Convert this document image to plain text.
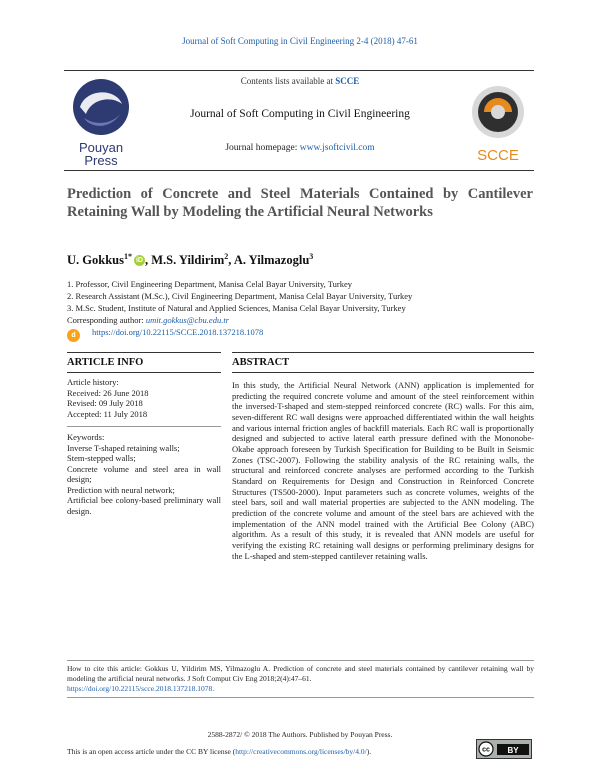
Journal of Soft Computing in Civil Engineering 2-4 (2018) 47-61
Pouyan
Press
Contents lists available at SCCE
Journal of Soft Computing in Civil Engineering
Journal homepage: www.jsoftcivil.com	SCCE
Prediction of Concrete and Steel Materials Contained by Cantilever Retaining Wall by Modeling the Artificial Neural Networks
U. Gokkus$^{1*}$ iD , M.S. Yildirim$^2$, A. Yilmazoglu$^3$
1. Professor, Civil Engineering Department, Manisa Celal Bayar University, Turkey
2. Research Assistant (M.Sc.), Civil Engineering Department, Manisa Celal Bayar University, Turkey
3. M.Sc. Student, Institute of Natural and Applied Sciences, Manisa Celal Bayar University, Turkey
Corresponding author: umit.gokkus@cbu.edu.tr
d https://doi.org/10.22115/SCCE.2018.137218.1078
ARTICLE INFO	ABSTRACT
Article history:
Received: 26 June 2018
Revised: 09 July 2018
Accepted: 11 July 2018
Keywords:
Inverse T-shaped retaining walls;
Stem-stepped walls;
Concrete volume and steel area in wall design;
Prediction with neural network;
Artificial bee colony-based preliminary wall design.
In this study, the Artificial Neural Network (ANN) application is implemented for predicting the required concrete volume and amount of the steel reinforcement within the inversed-T-shaped and stem-stepped reinforced concrete (RC) walls. For this aim, seven-different RC wall designs were approached differentiated within the wall heights and various internal friction angles of backfill materials. Each RC wall is proportionally designed and subjected to active lateral earth pressure defined with the Mononobe-Okabe approach foreseen by Turkish Specification for Building to be Built in Seismic Zones (TSC-2007). Following the stability analysis of the RC retaining walls, the structural and reinforced concrete analyses are performed according to the Turkish Standard on Requirements for Design and Construction in Reinforced Concrete Structures (TS500-2000). Input parameters such as concrete volumes, weights of the steel bars, soil and wall material properties are subjected to the ANN modeling. The prediction of the concrete volume and amount of the steel bars are achieved with the implementation of the ANN model trained with the Artificial Bee Colony (ABC) algorithm. As a result of this study, it is revealed that ANN models are useful for verifying the existing RC retaining wall designs or performing preliminary designs for the L-shaped and stem-stepped cantilever retaining walls.
How to cite this article: Gokkus U, Yildirim MS, Yilmazoglu A. Prediction of concrete and steel materials contained by cantilever retaining wall by modeling the artificial neural networks. J Soft Comput Civ Eng 2018;2(4):47–61.
https://doi.org/10.22115/scce.2018.137218.1078.
2588-2872/ © 2018 The Authors. Published by Pouyan Press.
This is an open access article under the CC BY license (http://creativecommons.org/licenses/by/4.0/).	cc BY
